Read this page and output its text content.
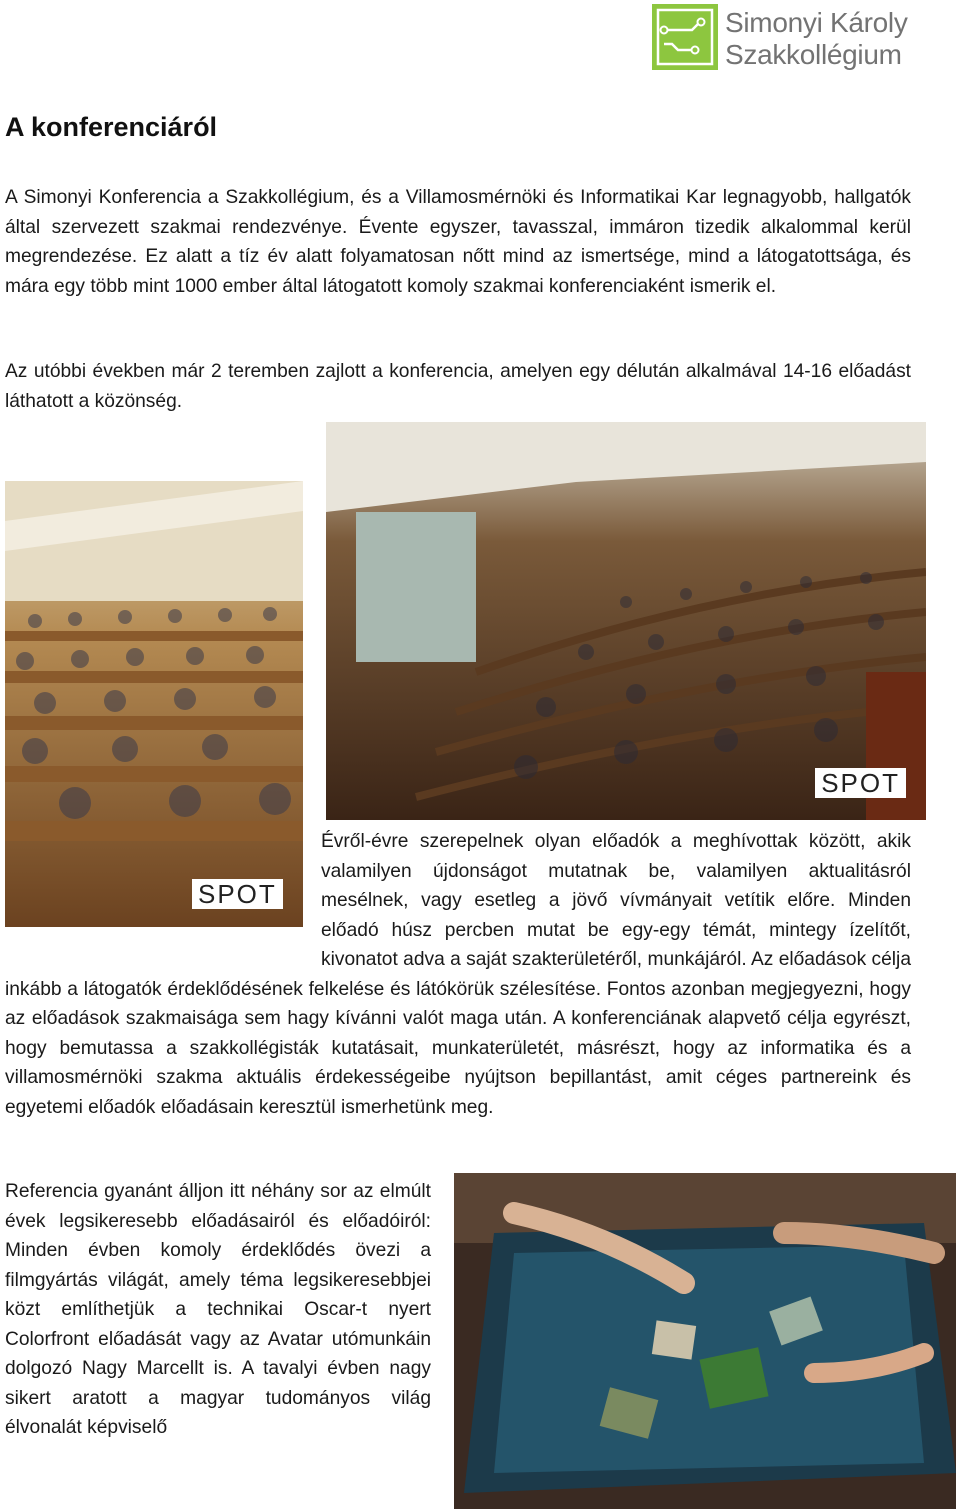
Simonyi Károly
Szakkollégium
A konferenciáról

A Simonyi Konferencia a Szakkollégium, és a Villamosmérnöki és Informatikai Kar legnagyobb, hallgatók által szervezett szakmai rendezvénye. Évente egyszer, tavasszal, immáron tizedik alkalommal kerül megrendezése. Ez alatt a tíz év alatt folyamatosan nőtt mind az ismertsége, mind a látogatottsága, és mára egy több mint 1000 ember által látogatott komoly szakmai konferenciaként ismerik el.

Az utóbbi években már 2 teremben zajlott a konferencia, amelyen egy délután alkalmával 14-16 előadást láthatott a közönség.

SPOT
SPOT

Évről-évre szerepelnek olyan előadók a meghívottak között, akik valamilyen újdonságot mutatnak be, valamilyen aktualitásról mesélnek, vagy esetleg a jövő vívmányait vetítik előre. Minden előadó húsz percben mutat be egy-egy témát, mintegy ízelítőt, kivonatot adva a saját szakterületéről, munkájáról. Az előadások célja inkább a látogatók érdeklődésének felkelése és látókörük szélesítése. Fontos azonban megjegyezni, hogy az előadások szakmaisága sem hagy kívánni valót maga után. A konferenciának alapvető célja egyrészt, hogy bemutassa a szakkollégisták kutatásait, munkaterületét, másrészt, hogy az informatika és a villamosmérnöki szakma aktuális érdekességeibe nyújtson bepillantást, amit céges partnereink és egyetemi előadók előadásain keresztül ismerhetünk meg.

Referencia gyanánt álljon itt néhány sor az elmúlt évek legsikeresebb előadásairól és előadóiról: Minden évben komoly érdeklődés övezi a filmgyártás világát, amely téma legsikeresebbjei közt említhetjük a technikai Oscar-t nyert Colorfront előadását vagy az Avatar utómunkáin dolgozó Nagy Marcellt is. A tavalyi évben nagy sikert aratott a magyar tudományos világ élvonalát képviselő
